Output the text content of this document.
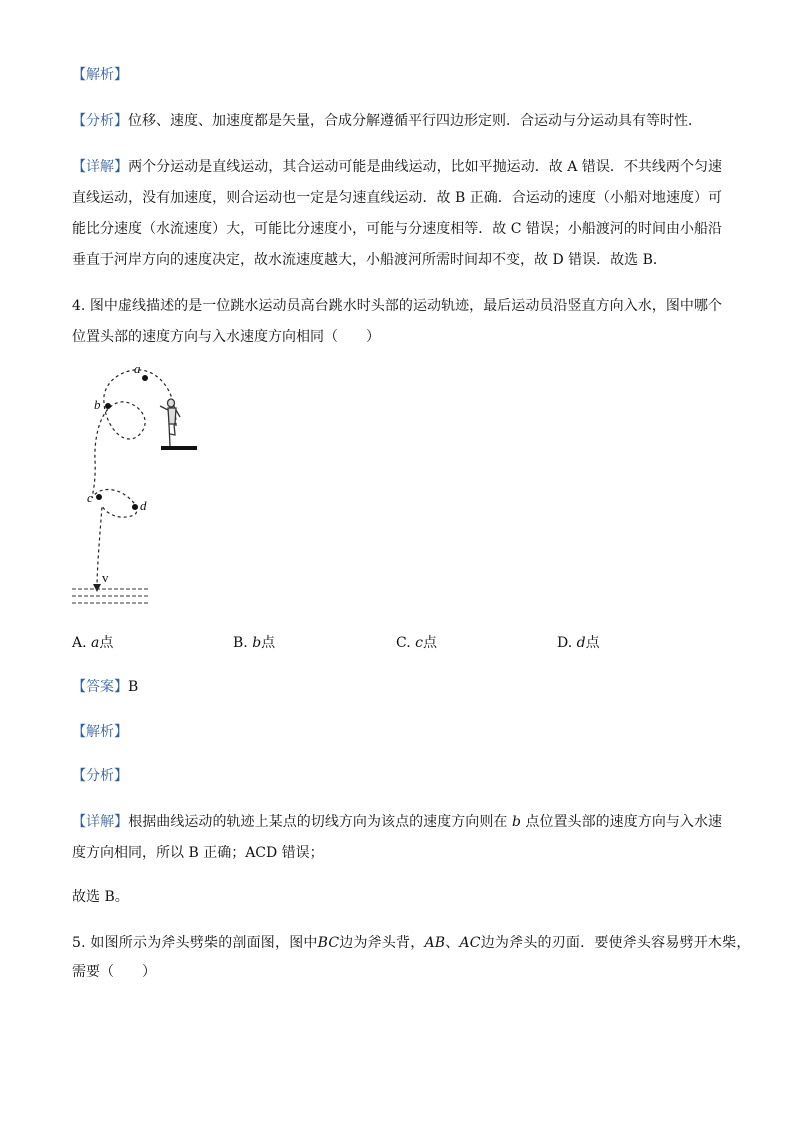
【解析】
【分析】位移、速度、加速度都是矢量，合成分解遵循平行四边形定则．合运动与分运动具有等时性．
【详解】两个分运动是直线运动，其合运动可能是曲线运动，比如平抛运动．故 A 错误．不共线两个匀速
直线运动，没有加速度，则合运动也一定是匀速直线运动．故 B 正确．合运动的速度（小船对地速度）可
能比分速度（水流速度）大，可能比分速度小，可能与分速度相等．故 C 错误；小船渡河的时间由小船沿
垂直于河岸方向的速度决定，故水流速度越大，小船渡河所需时间却不变，故 D 错误．故选 B．
4. 图中虚线描述的是一位跳水运动员高台跳水时头部的运动轨迹，最后运动员沿竖直方向入水，图中哪个
位置头部的速度方向与入水速度方向相同（　　）
a
b
c
d
v
A. a点	B. b点	C. c点	D. d点
【答案】B
【解析】
【分析】
【详解】根据曲线运动的轨迹上某点的切线方向为该点的速度方向则在 b 点位置头部的速度方向与入水速
度方向相同，所以 B 正确；ACD 错误；
故选 B。
5. 如图所示为斧头劈柴的剖面图，图中BC边为斧头背，AB、AC边为斧头的刃面．要使斧头容易劈开木柴，
需要（　　）
